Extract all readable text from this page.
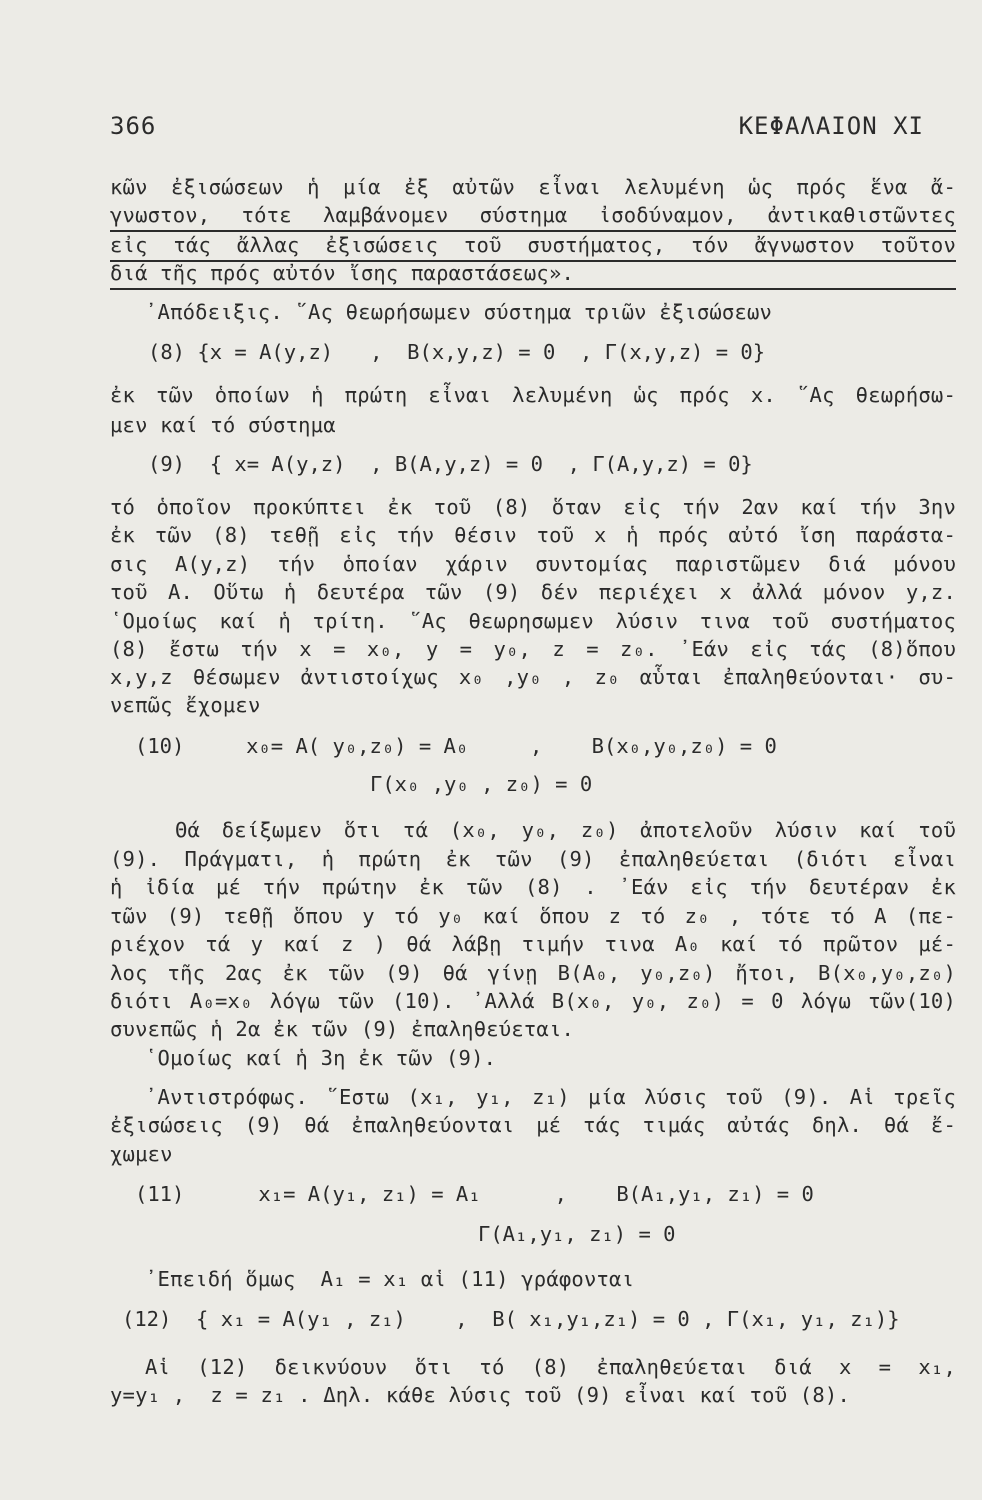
366	ΚΕΦΑΛΑΙΟΝ XI
κῶν ἐξισώσεων ἡ μία ἐξ αὐτῶν εἶναι λελυμένη ὡς πρός ἕνα ἄ-
γνωστον, τότε λαμβάνομεν σύστημα ἰσοδύναμον, ἀντικαθιστῶντες
εἰς τάς ἄλλας ἐξισώσεις τοῦ συστήματος, τόν ἄγνωστον τοῦτον
διά τῆς πρός αὐτόν ἴσης παραστάσεως».
᾿Απόδειξις. ῞Ας θεωρήσωμεν σύστημα τριῶν ἐξισώσεων
(8) {x = A(y,z)   ,  B(x,y,z) = 0  , Γ(x,y,z) = 0}
ἐκ τῶν ὁποίων ἡ πρώτη εἶναι λελυμένη ὡς πρός x. ῞Ας θεωρήσω-
μεν καί τό σύστημα
(9)  { x= A(y,z)  , B(A,y,z) = 0  , Γ(A,y,z) = 0}
τό ὁποῖον προκύπτει ἐκ τοῦ (8) ὅταν εἰς τήν 2αν καί τήν 3ην
ἐκ τῶν (8) τεθῇ εἰς τήν θέσιν τοῦ x ἡ πρός αὐτό ἴση παράστα-
σις A(y,z) τήν ὁποίαν χάριν συντομίας παριστῶμεν διά μόνου
τοῦ A. Οὕτω ἡ δευτέρα τῶν (9) δέν περιέχει x ἀλλά μόνον y,z.
῾Ομοίως καί ἡ τρίτη. ῞Ας θεωρησωμεν λύσιν τινα τοῦ συστήματος
(8) ἔστω τήν x = x₀, y = y₀, z = z₀. ᾿Εάν εἰς τάς (8)ὅπου
x,y,z θέσωμεν ἀντιστοίχως x₀ ,y₀ , z₀ αὗται ἐπαληθεύονται· συ-
νεπῶς ἔχομεν
(10)     x₀= A( y₀,z₀) = A₀     ,    B(x₀,y₀,z₀) = 0
Γ(x₀ ,y₀ , z₀) = 0
Θά δείξωμεν ὅτι τά (x₀, y₀, z₀) ἀποτελοῦν λύσιν καί τοῦ
(9). Πράγματι, ἡ πρώτη ἐκ τῶν (9) ἐπαληθεύεται (διότι εἶναι
ἡ ἰδία μέ τήν πρώτην ἐκ τῶν (8) . ᾿Εάν εἰς τήν δευτέραν ἐκ
τῶν (9) τεθῇ ὅπου y τό y₀ καί ὅπου z τό z₀ , τότε τό A (πε-
ριέχον τά y καί z ) θά λάβῃ τιμήν τινα A₀ καί τό πρῶτον μέ-
λος τῆς 2ας ἐκ τῶν (9) θά γίνῃ B(A₀, y₀,z₀) ἤτοι, B(x₀,y₀,z₀)
διότι A₀=x₀ λόγω τῶν (10). ᾿Αλλά B(x₀, y₀, z₀) = 0 λόγω τῶν(10)
συνεπῶς ἡ 2α ἐκ τῶν (9) ἐπαληθεύεται.
῾Ομοίως καί ἡ 3η ἐκ τῶν (9).
᾿Αντιστρόφως. ῞Εστω (x₁, y₁, z₁) μία λύσις τοῦ (9). Αἱ τρεῖς
ἐξισώσεις (9) θά ἐπαληθεύονται μέ τάς τιμάς αὐτάς δηλ. θά ἔ-
χωμεν
(11)      x₁= A(y₁, z₁) = A₁      ,    B(A₁,y₁, z₁) = 0
Γ(A₁,y₁, z₁) = 0
᾿Επειδή ὅμως  A₁ = x₁ αἱ (11) γράφονται
(12)  { x₁ = A(y₁ , z₁)    ,  B( x₁,y₁,z₁) = 0 , Γ(x₁, y₁, z₁)}
Αἱ (12) δεικνύουν ὅτι τό (8) ἐπαληθεύεται διά x = x₁,
y=y₁ ,  z = z₁ . Δηλ. κάθε λύσις τοῦ (9) εἶναι καί τοῦ (8).
